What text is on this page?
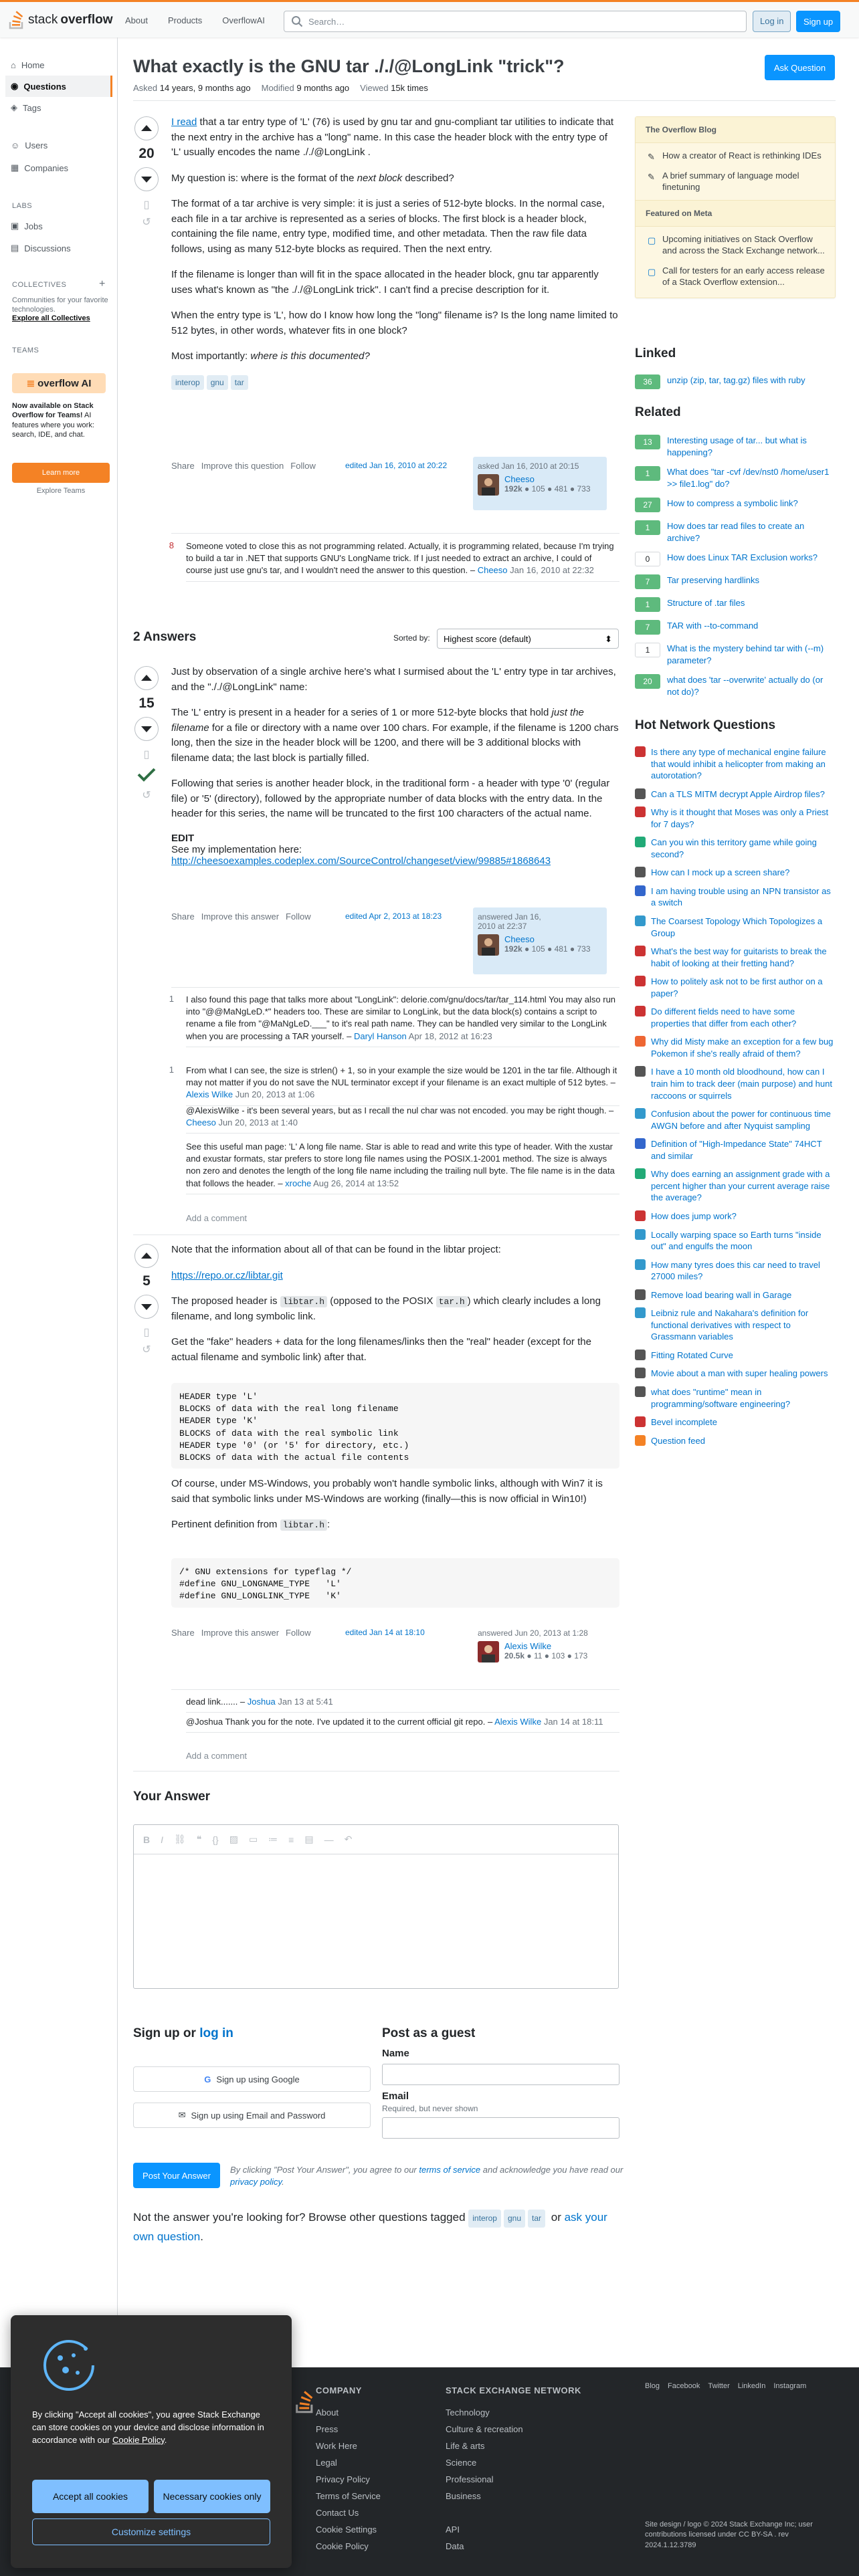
stack overflow	About	Products	OverflowAI	Search…	Log in	Sign up
⌂ Home
◉ Questions
◈ Tags
☺ Users
▦ Companies
LABS
▣ Jobs
▤ Discussions
COLLECTIVES	+
Communities for your favorite technologies.
Explore all Collectives
TEAMS
≣ overflow AI
Now available on Stack Overflow for Teams! AI features where you work: search, IDE, and chat.
Learn more
Explore Teams
What exactly is the GNU tar ././@LongLink "trick"?	Ask Question
Asked 14 years, 9 months ago Modified 9 months ago Viewed 15k times
20
▯
↺

I read that a tar entry type of 'L' (76) is used by gnu tar and gnu-compliant tar utilities to indicate that the next entry in the archive has a "long" name. In this case the header block with the entry type of 'L' usually encodes the name ././@LongLink .

My question is: where is the format of the next block described?

The format of a tar archive is very simple: it is just a series of 512-byte blocks. In the normal case, each file in a tar archive is represented as a series of blocks. The first block is a header block, containing the file name, entry type, modified time, and other metadata. Then the raw file data follows, using as many 512-byte blocks as required. Then the next entry.

If the filename is longer than will fit in the space allocated in the header block, gnu tar apparently uses what's known as "the ././@LongLink trick". I can't find a precise description for it.

When the entry type is 'L', how do I know how long the "long" filename is? Is the long name limited to 512 bytes, in other words, whatever fits in one block?

Most importantly: where is this documented?

interop gnu tar
Share Improve this question Follow	edited Jan 16, 2010 at 20:22	asked Jan 16, 2010 at 20:15
Cheeso
192k ● 105 ● 481 ● 733
8 Someone voted to close this as not programming related. Actually, it is programming related, because I'm trying to build a tar in .NET that supports GNU's LongName trick. If I just needed to extract an archive, I could of course just use gnu's tar, and I wouldn't need the answer to this question. – Cheeso Jan 16, 2010 at 22:32
2 Answers	Sorted by:	Highest score (default)	⬍
15
▯
↺

Just by observation of a single archive here's what I surmised about the 'L' entry type in tar archives, and the "././@LongLink" name:

The 'L' entry is present in a header for a series of 1 or more 512-byte blocks that hold just the filename for a file or directory with a name over 100 chars. For example, if the filename is 1200 chars long, then the size in the header block will be 1200, and there will be 3 additional blocks with filename data; the last block is partially filled.

Following that series is another header block, in the traditional form - a header with type '0' (regular file) or '5' (directory), followed by the appropriate number of data blocks with the entry data. In the header for this series, the name will be truncated to the first 100 characters of the actual name.

EDIT
See my implementation here:
http://cheesoexamples.codeplex.com/SourceControl/changeset/view/99885#1868643
Share Improve this answer Follow	edited Apr 2, 2013 at 18:23	answered Jan 16, 2010 at 22:37
Cheeso
192k ● 105 ● 481 ● 733
1 I also found this page that talks more about "LongLink": delorie.com/gnu/docs/tar/tar_114.html You may also run into "@@MaNgLeD.*" headers too. These are similar to LongLink, but the data block(s) contains a script to rename a file from "@MaNgLeD.___" to it's real path name. They can be handled very similar to the LongLink when you are processing a TAR yourself. – Daryl Hanson Apr 18, 2012 at 16:23
1 From what I can see, the size is strlen() + 1, so in your example the size would be 1201 in the tar file. Although it may not matter if you do not save the NUL terminator except if your filename is an exact multiple of 512 bytes. – Alexis Wilke Jun 20, 2013 at 1:06
@AlexisWilke - it's been several years, but as I recall the nul char was not encoded. you may be right though. – Cheeso Jun 20, 2013 at 1:40
See this useful man page: 'L' A long file name. Star is able to read and write this type of header. With the xustar and exustar formats, star prefers to store long file names using the POSIX.1-2001 method. The size is always non zero and denotes the length of the long file name including the trailing null byte. The file name is in the data that follows the header. – xroche Aug 26, 2014 at 13:52
Add a comment
5
▯
↺

Note that the information about all of that can be found in the libtar project:

https://repo.or.cz/libtar.git

The proposed header is libtar.h (opposed to the POSIX tar.h ) which clearly includes a long filename, and long symbolic link.

Get the "fake" headers + data for the long filenames/links then the "real" header (except for the actual filename and symbolic link) after that.

HEADER type 'L'
BLOCKS of data with the real long filename
HEADER type 'K'
BLOCKS of data with the real symbolic link
HEADER type '0' (or '5' for directory, etc.)
BLOCKS of data with the actual file contents

Of course, under MS-Windows, you probably won't handle symbolic links, although with Win7 it is said that symbolic links under MS-Windows are working (finally—this is now official in Win10!)

Pertinent definition from libtar.h :

/* GNU extensions for typeflag */
#define GNU_LONGNAME_TYPE   'L'
#define GNU_LONGLINK_TYPE   'K'
Share Improve this answer Follow	edited Jan 14 at 18:10	answered Jun 20, 2013 at 1:28
Alexis Wilke
20.5k ● 11 ● 103 ● 173
dead link....... – Joshua Jan 13 at 5:41
@Joshua Thank you for the note. I've updated it to the current official git repo. – Alexis Wilke Jan 14 at 18:11
Add a comment
Your Answer
B I ⛓ ❝ {} ▨ ▭ ≔ ≡ ▤ — ↶
Sign up or log in
G Sign up using Google
✉ Sign up using Email and Password
Post as a guest
Name
Email
Required, but never shown
Post Your Answer
By clicking "Post Your Answer", you agree to our terms of service and acknowledge you have read our privacy policy.
Not the answer you're looking for? Browse other questions tagged interop gnu tar or ask your own question.
The Overflow Blog
✎ How a creator of React is rethinking IDEs
✎ A brief summary of language model finetuning
Featured on Meta
▢ Upcoming initiatives on Stack Overflow and across the Stack Exchange network...
▢ Call for testers for an early access release of a Stack Overflow extension...
Linked
36	unzip (zip, tar, tag.gz) files with ruby
Related
13	Interesting usage of tar... but what is happening?
1	What does "tar -cvf /dev/nst0 /home/user1 >> file1.log" do?
27	How to compress a symbolic link?
1	How does tar read files to create an archive?
0	How does Linux TAR Exclusion works?
7	Tar preserving hardlinks
1	Structure of .tar files
7	TAR with --to-command
1	What is the mystery behind tar with (--m) parameter?
20	what does 'tar --overwrite' actually do (or not do)?
Hot Network Questions
Is there any type of mechanical engine failure that would inhibit a helicopter from making an autorotation?
Can a TLS MITM decrypt Apple Airdrop files?
Why is it thought that Moses was only a Priest for 7 days?
Can you win this territory game while going second?
How can I mock up a screen share?
I am having trouble using an NPN transistor as a switch
The Coarsest Topology Which Topologizes a Group
What's the best way for guitarists to break the habit of looking at their fretting hand?
How to politely ask not to be first author on a paper?
Do different fields need to have some properties that differ from each other?
Why did Misty make an exception for a few bug Pokemon if she's really afraid of them?
I have a 10 month old bloodhound, how can I train him to track deer (main purpose) and hunt raccoons or squirrels
Confusion about the power for continuous time AWGN before and after Nyquist sampling
Definition of "High-Impedance State" 74HCT and similar
Why does earning an assignment grade with a percent higher than your current average raise the average?
How does jump work?
Locally warping space so Earth turns "inside out" and engulfs the moon
How many tyres does this car need to travel 27000 miles?
Remove load bearing wall in Garage
Leibniz rule and Nakahara's definition for functional derivatives with respect to Grassmann variables
Fitting Rotated Curve
Movie about a man with super healing powers
what does "runtime" mean in programming/software engineering?
Bevel incomplete
Question feed
COMPANY
About
Press
Work Here
Legal
Privacy Policy
Terms of Service
Contact Us
Cookie Settings
Cookie Policy
STACK EXCHANGE NETWORK
Technology
Culture & recreation
Life & arts
Science
Professional
Business
API
Data
Blog Facebook Twitter LinkedIn Instagram
Site design / logo © 2024 Stack Exchange Inc; user contributions licensed under CC BY-SA . rev 2024.1.12.3789
By clicking "Accept all cookies", you agree Stack Exchange can store cookies on your device and disclose information in accordance with our Cookie Policy.
Accept all cookies	Necessary cookies only
Customize settings
